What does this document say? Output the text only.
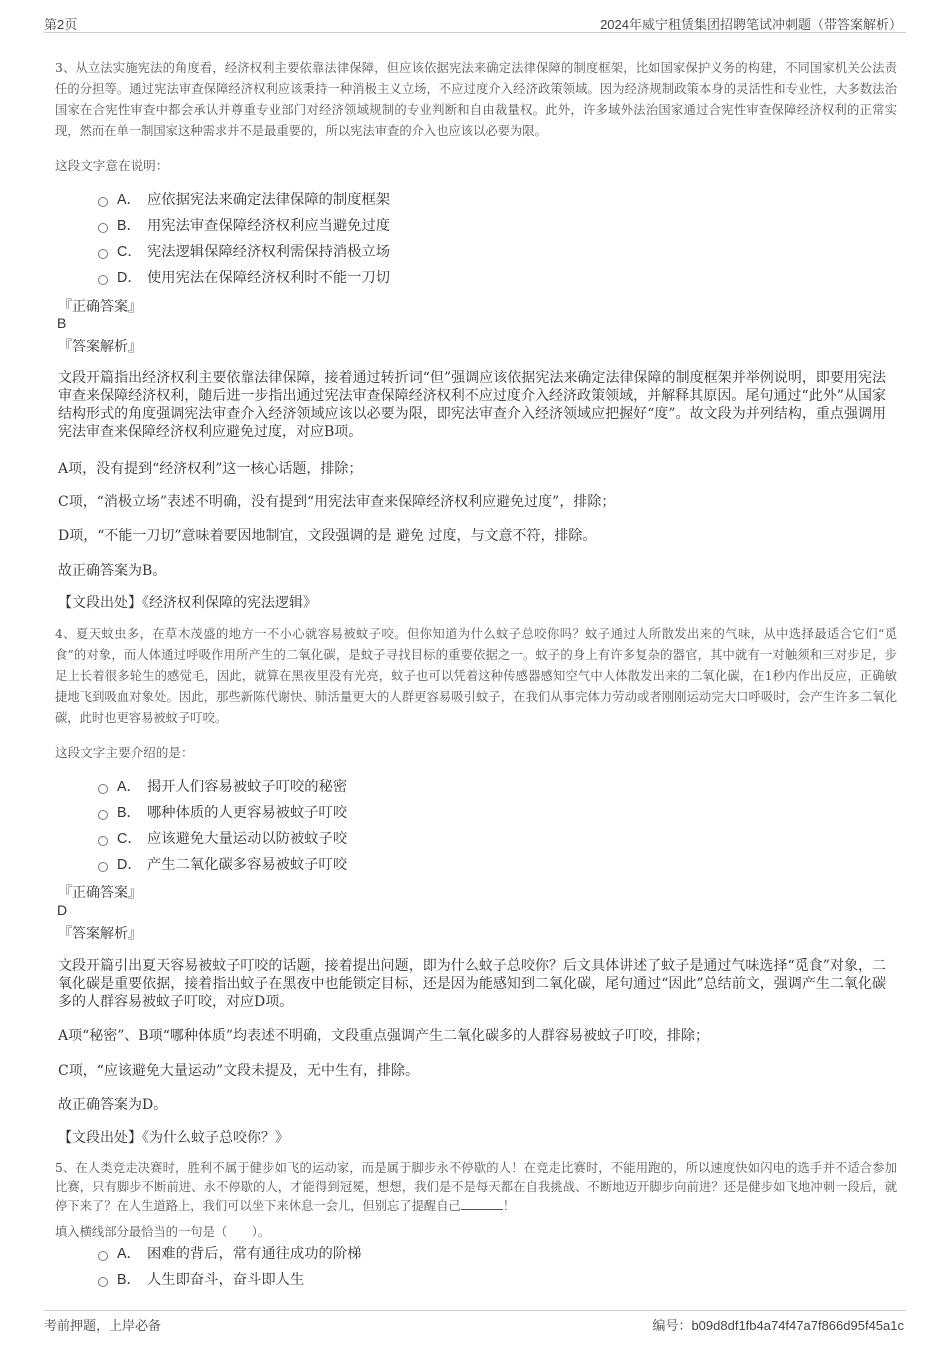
第2页	2024年威宁租赁集团招聘笔试冲刺题（带答案解析）

3、从立法实施宪法的角度看，经济权利主要依靠法律保障，但应该依据宪法来确定法律保障的制度框架，比如国家保护义务的构建，不同国家机关公法责任的分担等。通过宪法审查保障经济权利应该秉持一种消极主义立场，不应过度介入经济政策领域。因为经济规制政策本身的灵活性和专业性，大多数法治国家在合宪性审查中都会承认并尊重专业部门对经济领域规制的专业判断和自由裁量权。此外，许多域外法治国家通过合宪性审查保障经济权利的正常实现，然而在单一制国家这种需求并不是最重要的，所以宪法审查的介入也应该以必要为限。

这段文字意在说明：
A． 应依据宪法来确定法律保障的制度框架
B． 用宪法审查保障经济权利应当避免过度
C． 宪法逻辑保障经济权利需保持消极立场
D． 使用宪法在保障经济权利时不能一刀切
『正确答案』
B
『答案解析』

文段开篇指出经济权利主要依靠法律保障，接着通过转折词“但”强调应该依据宪法来确定法律保障的制度框架并举例说明，即要用宪法审查来保障经济权利，随后进一步指出通过宪法审查保障经济权利不应过度介入经济政策领域，并解释其原因。尾句通过“此外”从国家结构形式的角度强调宪法审查介入经济领域应该以必要为限，即宪法审查介入经济领域应把握好“度”。故文段为并列结构，重点强调用宪法审查来保障经济权利应避免过度，对应B项。

A项，没有提到“经济权利”这一核心话题，排除；
C项，“消极立场”表述不明确，没有提到“用宪法审查来保障经济权利应避免过度”，排除；
D项，“不能一刀切”意味着要因地制宜，文段强调的是 避免 过度，与文意不符，排除。
故正确答案为B。
【文段出处】《经济权利保障的宪法逻辑》

4、夏天蚊虫多，在草木茂盛的地方一不小心就容易被蚊子咬。但你知道为什么蚊子总咬你吗？蚊子通过人所散发出来的气味，从中选择最适合它们“觅食”的对象，而人体通过呼吸作用所产生的二氧化碳，是蚊子寻找目标的重要依据之一。蚊子的身上有许多复杂的器官，其中就有一对触须和三对步足，步足上长着很多轮生的感觉毛，因此，就算在黑夜里没有光亮，蚊子也可以凭着这种传感器感知空气中人体散发出来的二氧化碳，在1秒内作出反应，正确敏捷地飞到吸血对象处。因此，那些新陈代谢快、肺活量更大的人群更容易吸引蚊子，在我们从事完体力劳动或者刚刚运动完大口呼吸时，会产生许多二氧化碳，此时也更容易被蚊子叮咬。

这段文字主要介绍的是：
A． 揭开人们容易被蚊子叮咬的秘密
B． 哪种体质的人更容易被蚊子叮咬
C． 应该避免大量运动以防被蚊子咬
D． 产生二氧化碳多容易被蚊子叮咬
『正确答案』
D
『答案解析』

文段开篇引出夏天容易被蚊子叮咬的话题，接着提出问题，即为什么蚊子总咬你？后文具体讲述了蚊子是通过气味选择“觅食”对象，二氧化碳是重要依据，接着指出蚊子在黑夜中也能锁定目标，还是因为能感知到二氧化碳，尾句通过“因此”总结前文，强调产生二氧化碳多的人群容易被蚊子叮咬，对应D项。

A项“秘密”、B项“哪种体质”均表述不明确，文段重点强调产生二氧化碳多的人群容易被蚊子叮咬，排除；
C项，“应该避免大量运动”文段未提及，无中生有，排除。
故正确答案为D。
【文段出处】《为什么蚊子总咬你？》

5、在人类竞走决赛时，胜利不属于健步如飞的运动家，而是属于脚步永不停歇的人！在竞走比赛时，不能用跑的，所以速度快如闪电的选手并不适合参加比赛，只有脚步不断前进、永不停歇的人，才能得到冠冕，想想，我们是不是每天都在自我挑战、不断地迈开脚步向前进？还是健步如飞地冲刺一段后，就停下来了？在人生道路上，我们可以坐下来休息一会儿，但别忘了提醒自己	！

填入横线部分最恰当的一句是（　　）。
A． 困难的背后，常有通往成功的阶梯
B． 人生即奋斗，奋斗即人生
考前押题，上岸必备	编号：b09d8df1fb4a74f47a7f866d95f45a1c
